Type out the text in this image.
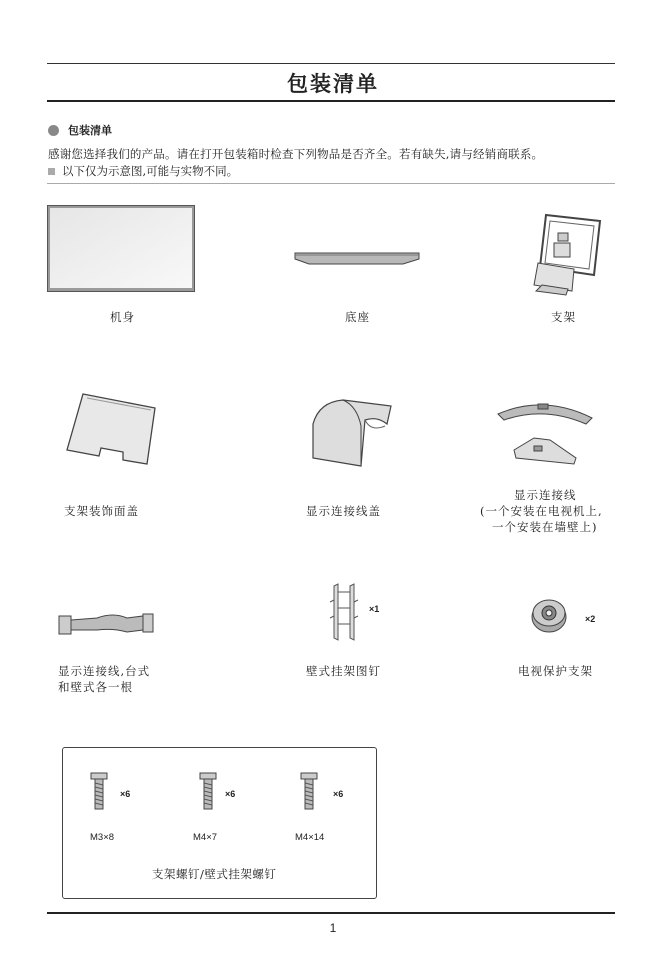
包装清单
包装清单
感谢您选择我们的产品。请在打开包装箱时检查下列物品是否齐全。若有缺失,请与经销商联系。
以下仅为示意图,可能与实物不同。
机身	底座	支架
支架装饰面盖	显示连接线盖
显示连接线
(一个安装在电视机上,
一个安装在墙壁上)
显示连接线,台式
和壁式各一根
×1
壁式挂架图钉
×2
电视保护支架
×6	×6	×6
M3×8	M4×7	M4×14
支架螺钉/壁式挂架螺钉
1
